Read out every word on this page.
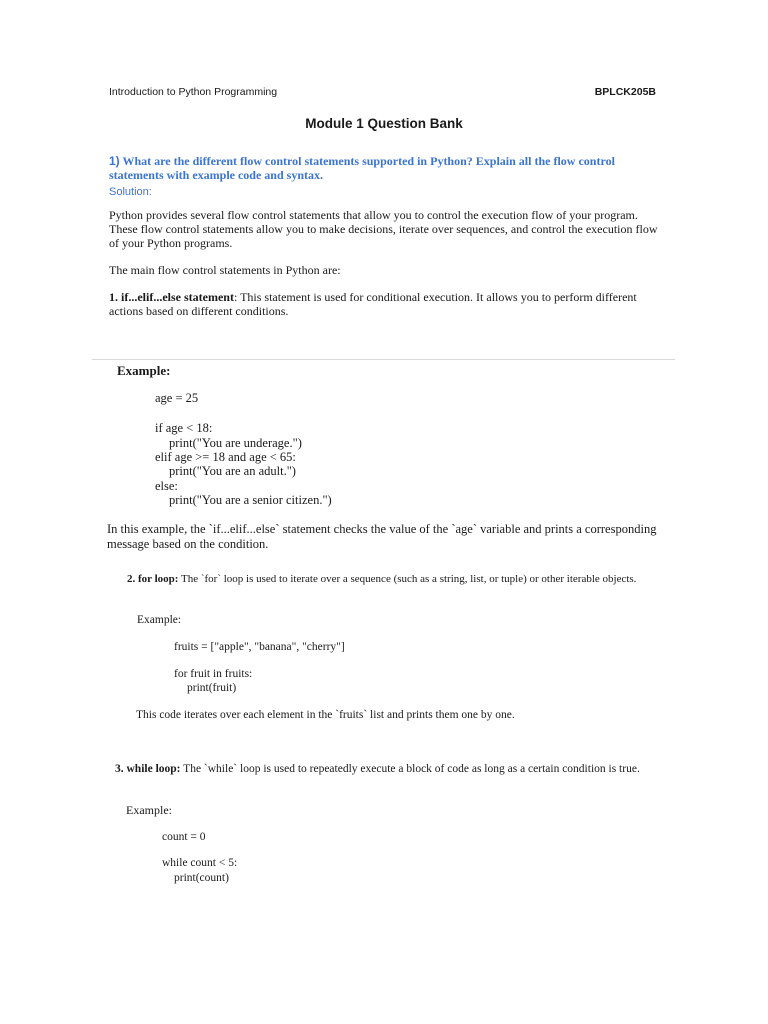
Introduction to Python Programming	BPLCK205B
Module 1 Question Bank
1) What are the different flow control statements supported in Python? Explain all the flow control statements with example code and syntax.
Solution:
Python provides several flow control statements that allow you to control the execution flow of your program. These flow control statements allow you to make decisions, iterate over sequences, and control the execution flow of your Python programs.
The main flow control statements in Python are:
1. if...elif...else statement: This statement is used for conditional execution. It allows you to perform different actions based on different conditions.
Example:
age = 25
if age < 18:
print("You are underage.")
elif age >= 18 and age < 65:
print("You are an adult.")
else:
print("You are a senior citizen.")
In this example, the `if...elif...else` statement checks the value of the `age` variable and prints a corresponding message based on the condition.
2. for loop: The `for` loop is used to iterate over a sequence (such as a string, list, or tuple) or other iterable objects.
Example:
fruits = ["apple", "banana", "cherry"]
for fruit in fruits:
print(fruit)
This code iterates over each element in the `fruits` list and prints them one by one.
3. while loop: The `while` loop is used to repeatedly execute a block of code as long as a certain condition is true.
Example:
count = 0
while count < 5:
print(count)
